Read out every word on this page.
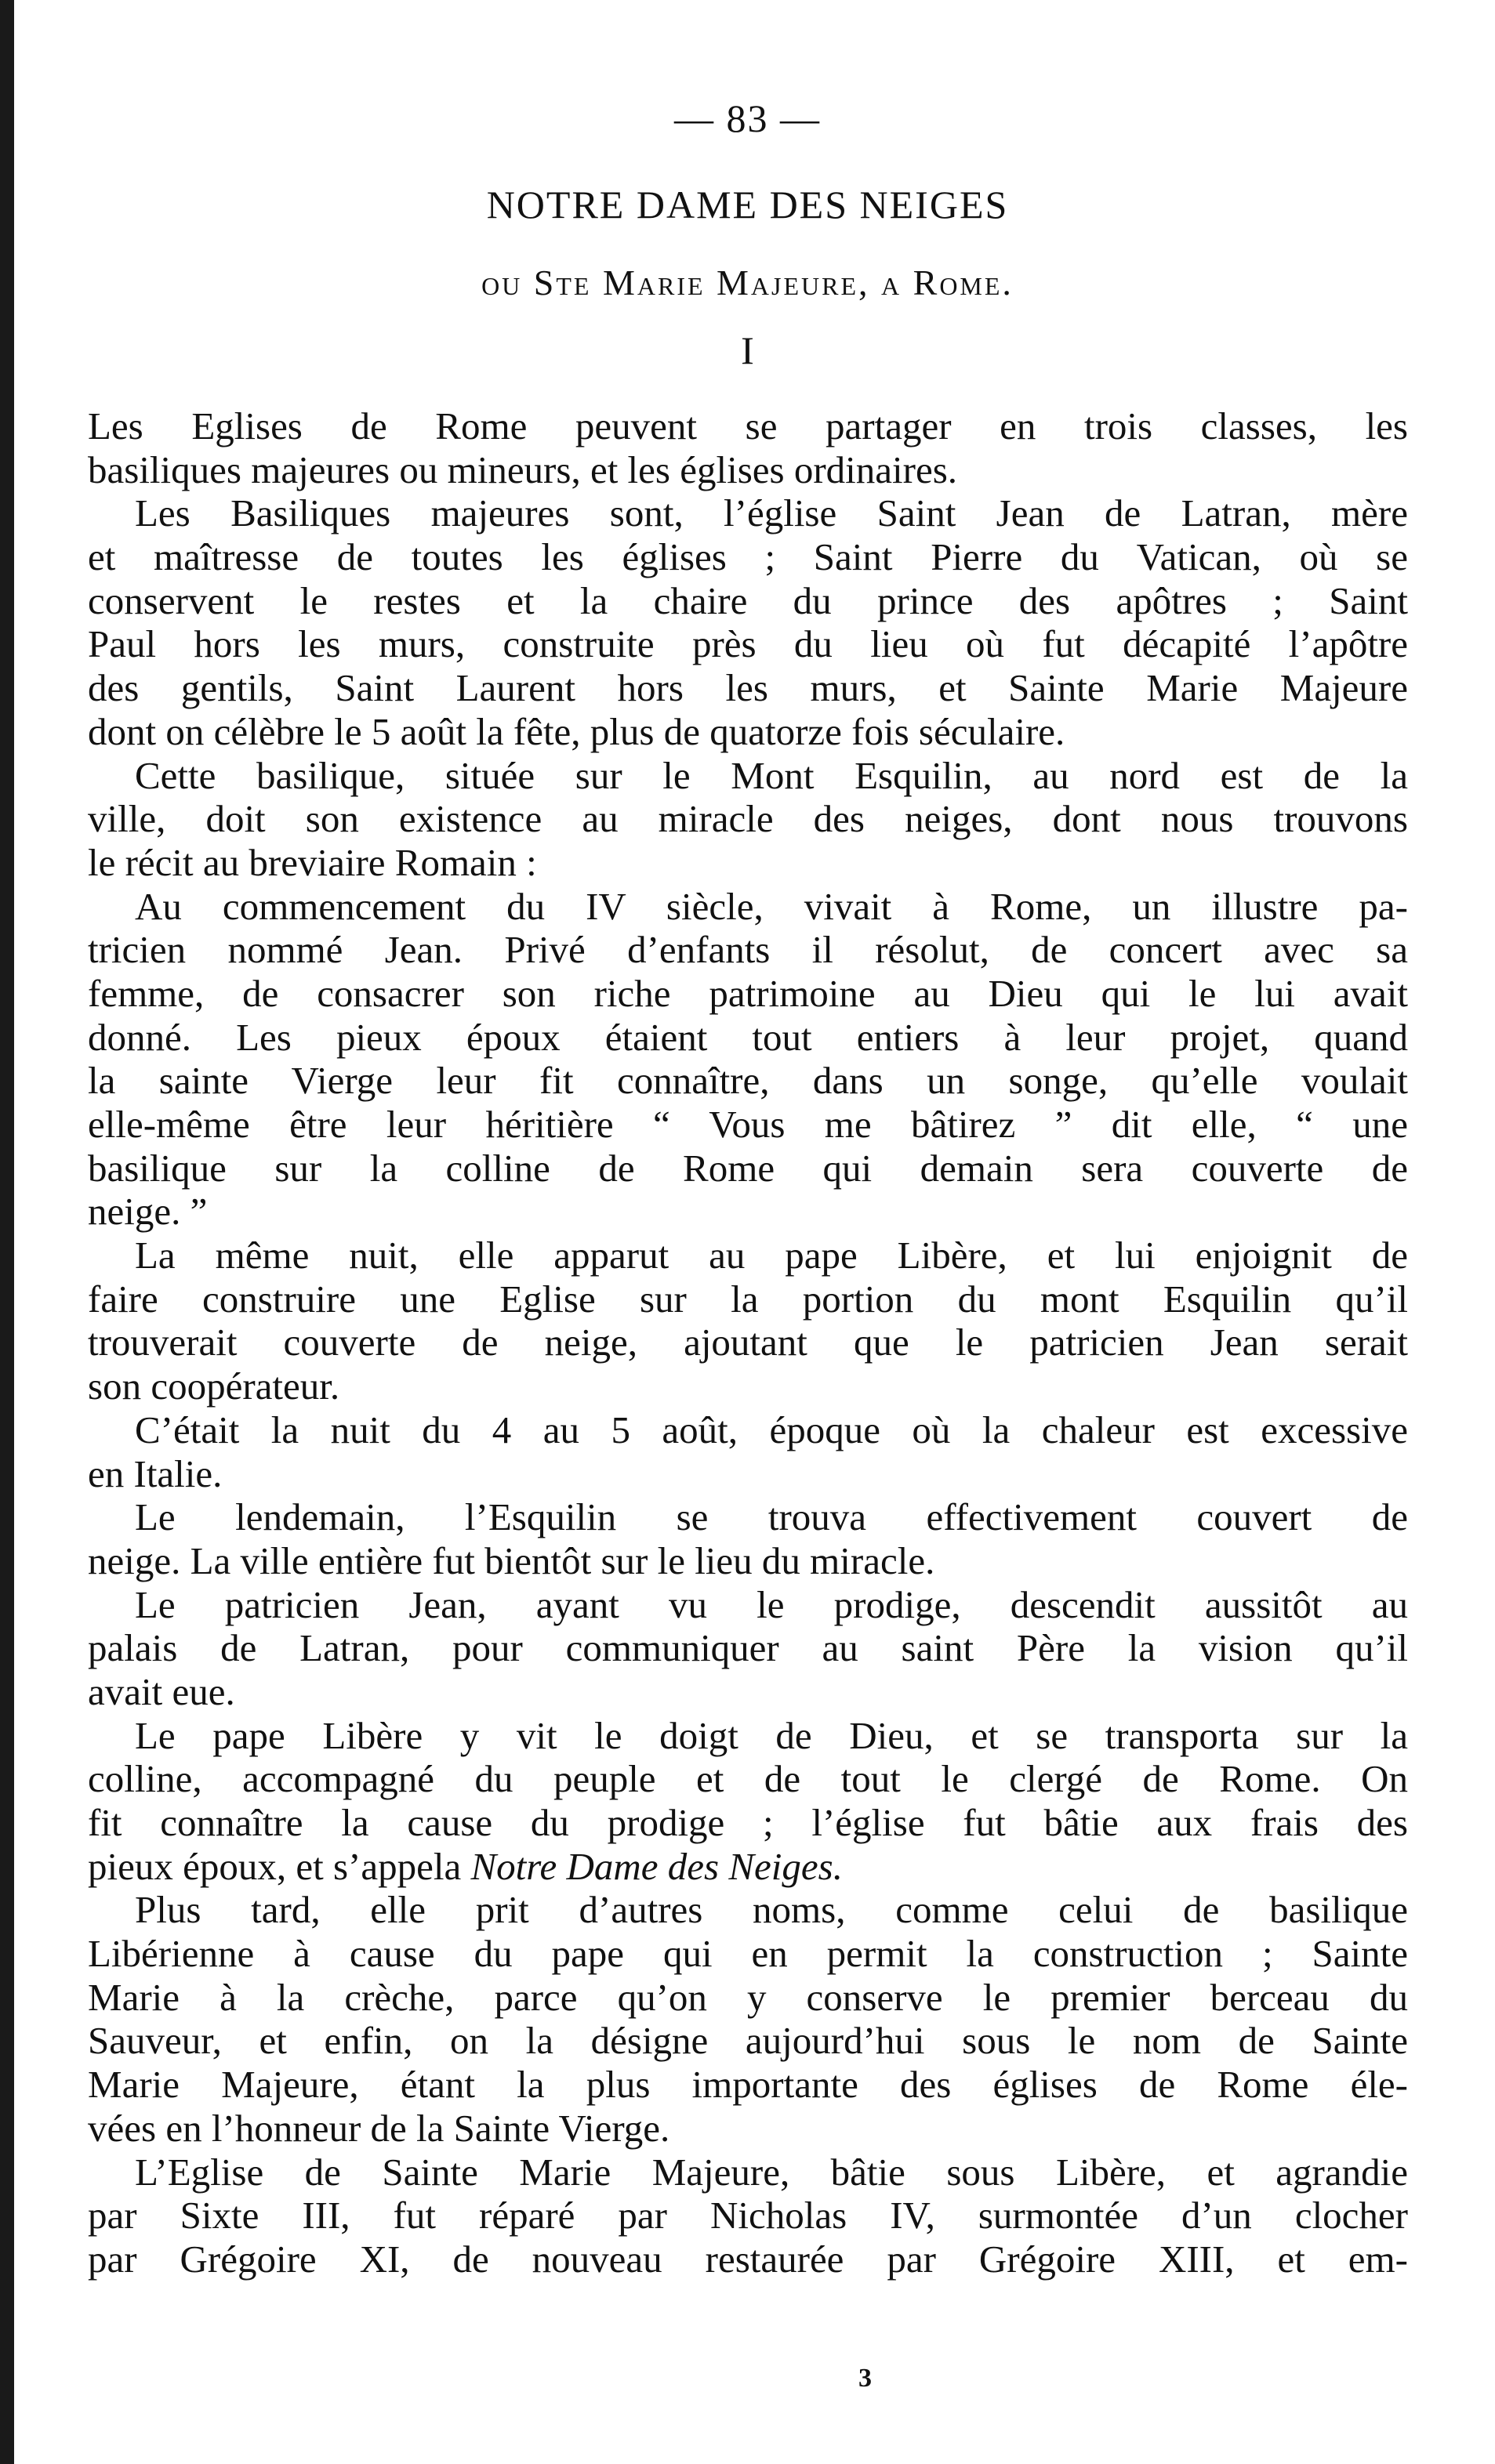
— 83 —
NOTRE DAME DES NEIGES
ou Ste Marie Majeure, a Rome.
I
Les Eglises de Rome peuvent se partager en trois classes, les
basiliques majeures ou mineurs, et les églises ordinaires.
Les Basiliques majeures sont, l’église Saint Jean de Latran, mère
et maîtresse de toutes les églises ; Saint Pierre du Vatican, où se
conservent le restes et la chaire du prince des apôtres ; Saint
Paul hors les murs, construite près du lieu où fut décapité l’apôtre
des gentils, Saint Laurent hors les murs, et Sainte Marie Majeure
dont on célèbre le 5 août la fête, plus de quatorze fois séculaire.
Cette basilique, située sur le Mont Esquilin, au nord est de la
ville, doit son existence au miracle des neiges, dont nous trouvons
le récit au breviaire Romain :
Au commencement du IV siècle, vivait à Rome, un illustre pa-
tricien nommé Jean. Privé d’enfants il résolut, de concert avec sa
femme, de consacrer son riche patrimoine au Dieu qui le lui avait
donné. Les pieux époux étaient tout entiers à leur projet, quand
la sainte Vierge leur fit connaître, dans un songe, qu’elle voulait
elle-même être leur héritière “ Vous me bâtirez ” dit elle, “ une
basilique sur la colline de Rome qui demain sera couverte de
neige. ”
La même nuit, elle apparut au pape Libère, et lui enjoignit de
faire construire une Eglise sur la portion du mont Esquilin qu’il
trouverait couverte de neige, ajoutant que le patricien Jean serait
son coopérateur.
C’était la nuit du 4 au 5 août, époque où la chaleur est excessive
en Italie.
Le lendemain, l’Esquilin se trouva effectivement couvert de
neige. La ville entière fut bientôt sur le lieu du miracle.
Le patricien Jean, ayant vu le prodige, descendit aussitôt au
palais de Latran, pour communiquer au saint Père la vision qu’il
avait eue.
Le pape Libère y vit le doigt de Dieu, et se transporta sur la
colline, accompagné du peuple et de tout le clergé de Rome. On
fit connaître la cause du prodige ; l’église fut bâtie aux frais des
pieux époux, et s’appela Notre Dame des Neiges.
Plus tard, elle prit d’autres noms, comme celui de basilique
Libérienne à cause du pape qui en permit la construction ; Sainte
Marie à la crèche, parce qu’on y conserve le premier berceau du
Sauveur, et enfin, on la désigne aujourd’hui sous le nom de Sainte
Marie Majeure, étant la plus importante des églises de Rome éle-
vées en l’honneur de la Sainte Vierge.
L’Eglise de Sainte Marie Majeure, bâtie sous Libère, et agrandie
par Sixte III, fut réparé par Nicholas IV, surmontée d’un clocher
par Grégoire XI, de nouveau restaurée par Grégoire XIII, et em-
3
